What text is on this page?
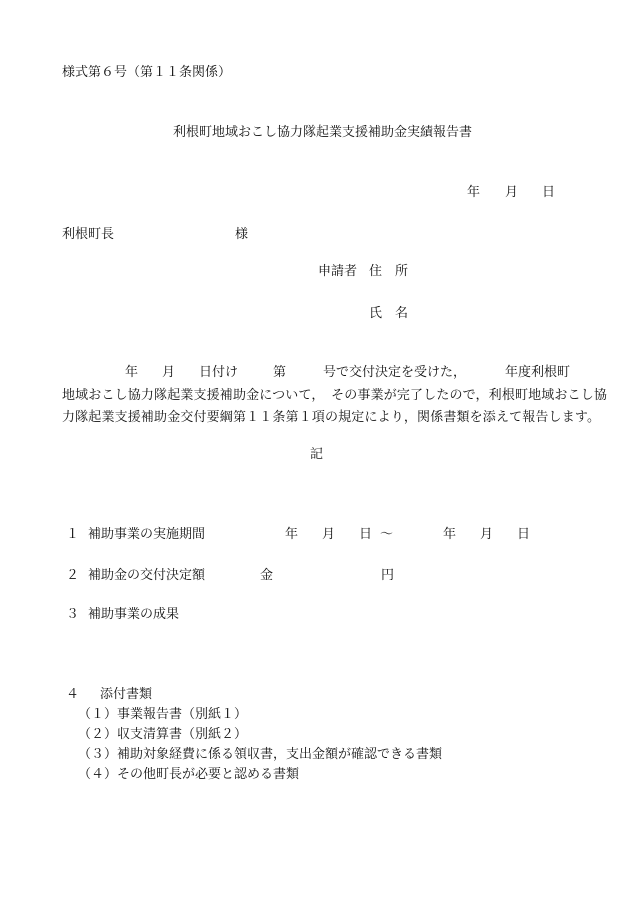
様式第６号（第１１条関係）
利根町地域おこし協力隊起業支援補助金実績報告書
年 月 日
利根町長	様
申請者 住　所
氏　名
年 月 日付け	第	号で交付決定を受けた，	年度利根町
地域おこし協力隊起業支援補助金について，　その事業が完了したので，利根町地域おこし協
力隊起業支援補助金交付要綱第１１条第１項の規定により，関係書類を添えて報告します。
記
１ 補助事業の実施期間	年 月 日 ～	年 月 日
２ 補助金の交付決定額	金	円
３ 補助事業の成果
４ 添付書類
（１）事業報告書（別紙１）
（２）収支清算書（別紙２）
（３）補助対象経費に係る領収書，支出金額が確認できる書類
（４）その他町長が必要と認める書類
